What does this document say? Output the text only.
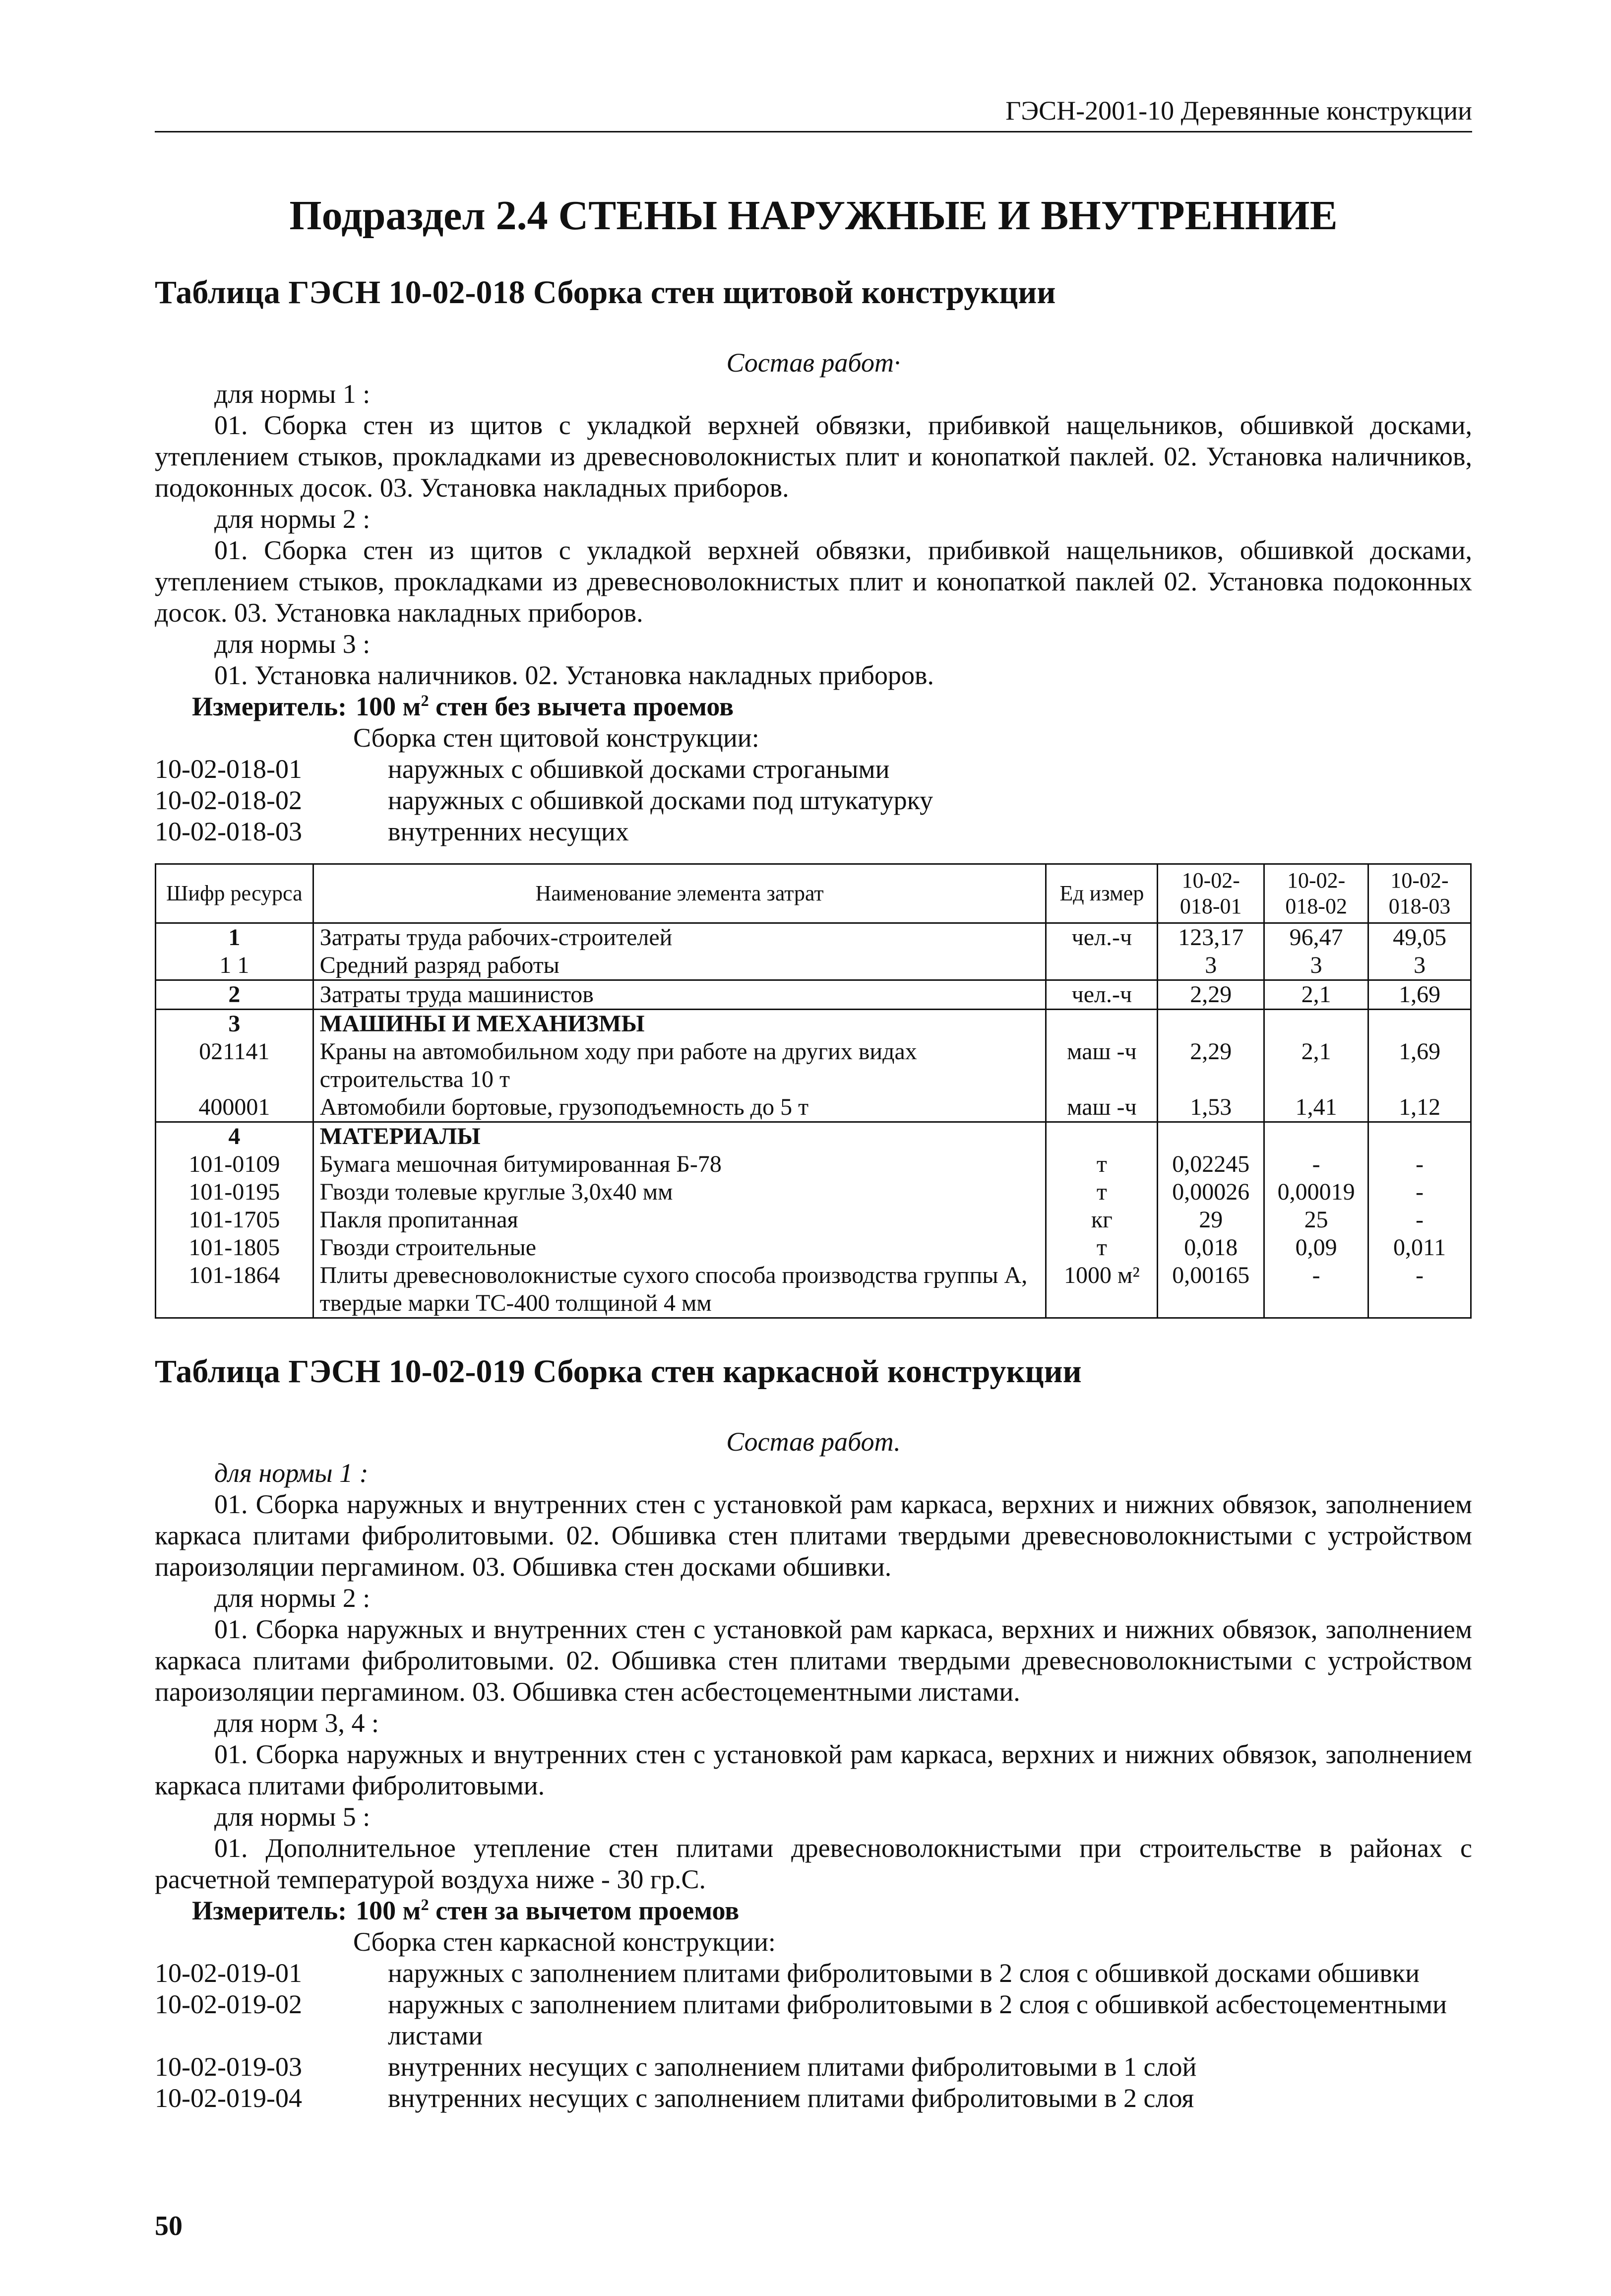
ГЭСН-2001-10 Деревянные конструкции
Подраздел 2.4 СТЕНЫ НАРУЖНЫЕ И ВНУТРЕННИЕ
Таблица ГЭСН 10-02-018 Сборка стен щитовой конструкции
Состав работ·
для нормы 1 :
01. Сборка стен из щитов с укладкой верхней обвязки, прибивкой нащельников, обшивкой досками, утеплением стыков, прокладками из древесноволокнистых плит и конопаткой паклей. 02. Установка наличников, подоконных досок. 03. Установка накладных приборов.
для нормы 2 :
01. Сборка стен из щитов с укладкой верхней обвязки, прибивкой нащельников, обшивкой досками, утеплением стыков, прокладками из древесноволокнистых плит и конопаткой паклей 02. Установка подоконных досок. 03. Установка накладных приборов.
для нормы 3 :
01. Установка наличников. 02. Установка накладных приборов.
Измеритель: 100 $м^2$ стен без вычета проемов
Сборка стен щитовой конструкции:
10-02-018-01	наружных с обшивкой досками строгаными
10-02-018-02	наружных с обшивкой досками под штукатурку
10-02-018-03	внутренних несущих
Шифр ресурса	Наименование элемента затрат	Ед измер	10-02-018-01	10-02-018-02	10-02-018-03
1	Затраты труда рабочих-строителей	чел.-ч	123,17	96,47	49,05
1 1	Средний разряд работы		3	3	3
2	Затраты труда машинистов	чел.-ч	2,29	2,1	1,69
3	МАШИНЫ И МЕХАНИЗМЫ				
021141	Краны на автомобильном ходу при работе на других видах строительства 10 т	маш -ч	2,29	2,1	1,69
400001	Автомобили бортовые, грузоподъемность до 5 т	маш -ч	1,53	1,41	1,12
4	МАТЕРИАЛЫ				
101-0109	Бумага мешочная битумированная Б-78	т	0,02245	-	-
101-0195	Гвозди толевые круглые 3,0х40 мм	т	0,00026	0,00019	-
101-1705	Пакля пропитанная	кг	29	25	-
101-1805	Гвозди строительные	т	0,018	0,09	0,011
101-1864	Плиты древесноволокнистые сухого способа производства группы А, твердые марки ТС-400 толщиной 4 мм	1000 м²	0,00165	-	-
Таблица ГЭСН 10-02-019 Сборка стен каркасной конструкции
Состав работ.
для нормы 1 :
01. Сборка наружных и внутренних стен с установкой рам каркаса, верхних и нижних обвязок, заполнением каркаса плитами фибролитовыми. 02. Обшивка стен плитами твердыми древесноволокнистыми с устройством пароизоляции пергамином. 03. Обшивка стен досками обшивки.
для нормы 2 :
01. Сборка наружных и внутренних стен с установкой рам каркаса, верхних и нижних обвязок, заполнением каркаса плитами фибролитовыми. 02. Обшивка стен плитами твердыми древесноволокнистыми с устройством пароизоляции пергамином. 03. Обшивка стен асбестоцементными листами.
для норм 3, 4 :
01. Сборка наружных и внутренних стен с установкой рам каркаса, верхних и нижних обвязок, заполнением каркаса плитами фибролитовыми.
для нормы 5 :
01. Дополнительное утепление стен плитами древесноволокнистыми при строительстве в районах с расчетной температурой воздуха ниже - 30 гр.С.
Измеритель: 100 $м^2$ стен за вычетом проемов
Сборка стен каркасной конструкции:
10-02-019-01	наружных с заполнением плитами фибролитовыми в 2 слоя с обшивкой досками обшивки
10-02-019-02	наружных с заполнением плитами фибролитовыми в 2 слоя с обшивкой асбестоцементными листами
10-02-019-03	внутренних несущих с заполнением плитами фибролитовыми в 1 слой
10-02-019-04	внутренних несущих с заполнением плитами фибролитовыми в 2 слоя
50
